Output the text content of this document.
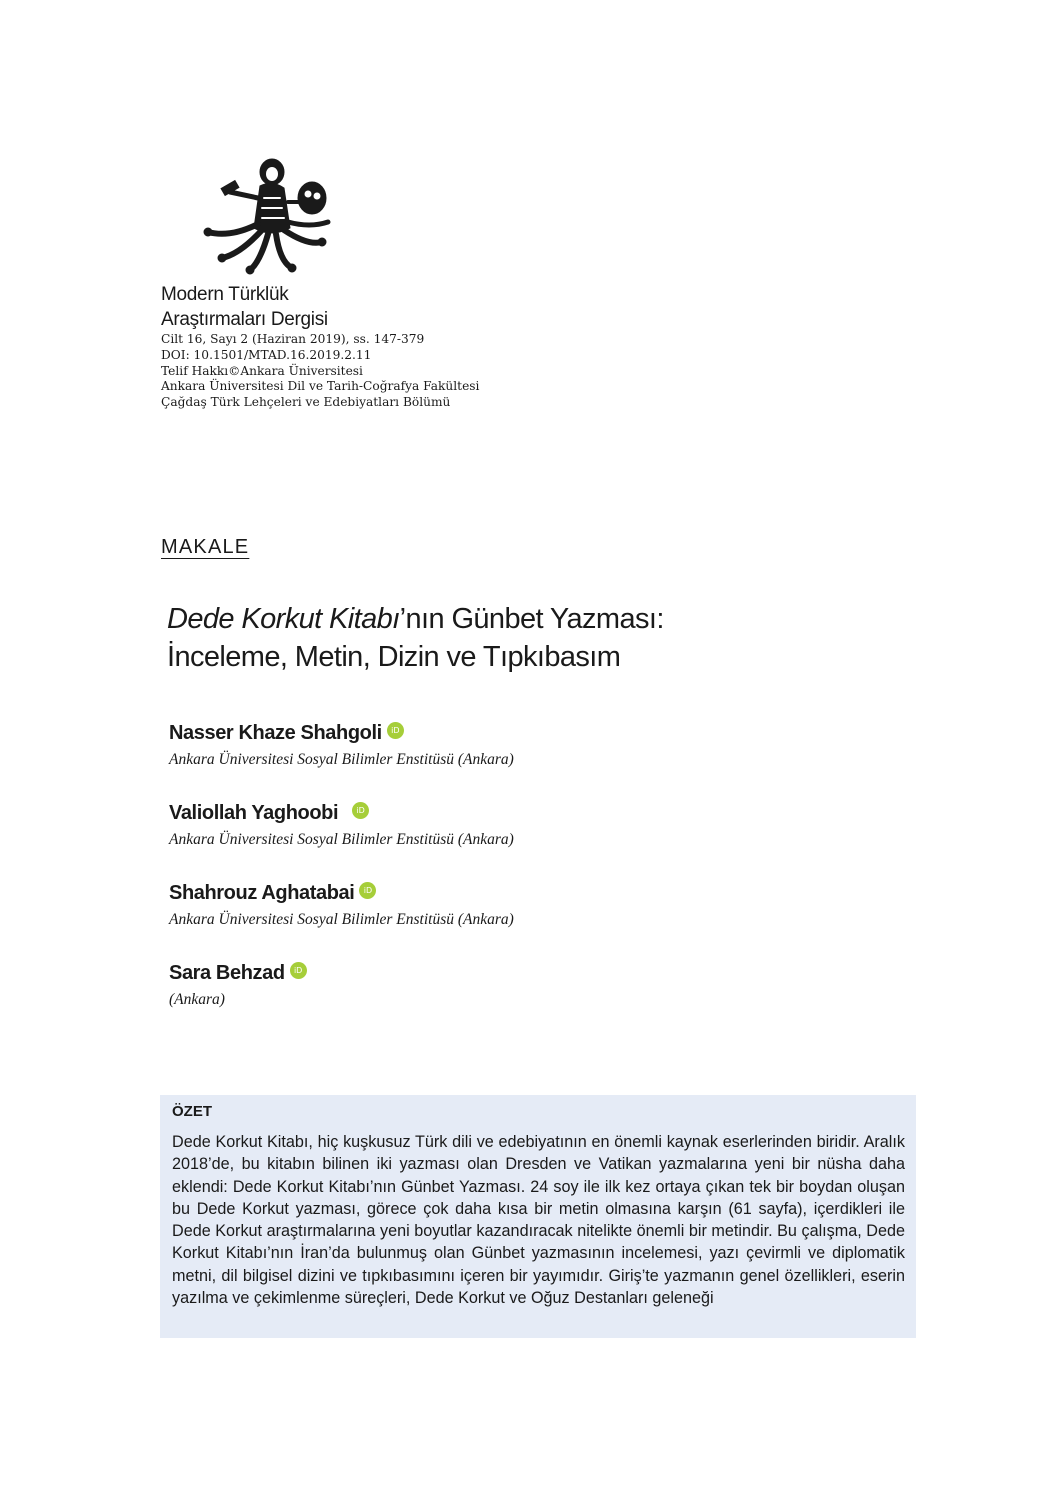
Modern Türklük
Araştırmaları Dergisi
Cilt 16, Sayı 2 (Haziran 2019), ss. 147-379
DOI: 10.1501/MTAD.16.2019.2.11
Telif Hakkı©Ankara Üniversitesi
Ankara Üniversitesi Dil ve Tarih-Coğrafya Fakültesi
Çağdaş Türk Lehçeleri ve Edebiyatları Bölümü
MAKALE
Dede Korkut Kitabı’nın Günbet Yazması:
İnceleme, Metin, Dizin ve Tıpkıbasım
Nasser Khaze Shahgoli iD
Ankara Üniversitesi Sosyal Bilimler Enstitüsü (Ankara)
Valiollah Yaghoobi iD
Ankara Üniversitesi Sosyal Bilimler Enstitüsü (Ankara)
Shahrouz Aghatabai iD
Ankara Üniversitesi Sosyal Bilimler Enstitüsü (Ankara)
Sara Behzad iD
(Ankara)
ÖZET
Dede Korkut Kitabı, hiç kuşkusuz Türk dili ve edebiyatının en önemli kaynak eserlerinden biridir. Aralık 2018’de, bu kitabın bilinen iki yazması olan Dresden ve Vatikan yazmalarına yeni bir nüsha daha eklendi: Dede Korkut Kitabı’nın Günbet Yazması. 24 soy ile ilk kez ortaya çıkan tek bir boydan oluşan bu Dede Korkut yazması, görece çok daha kısa bir metin olmasına karşın (61 sayfa), içerdikleri ile Dede Korkut araştırmalarına yeni boyutlar kazandıracak nitelikte önemli bir metindir. Bu çalışma, Dede Korkut Kitabı’nın İran’da bulunmuş olan Günbet yazmasının incelemesi, yazı çevirmli ve diplomatik metni, dil bilgisel dizini ve tıpkıbasımını içeren bir yayımıdır. Giriş’te yazmanın genel özellikleri, eserin yazılma ve çekimlenme süreçleri, Dede Korkut ve Oğuz Destanları geleneği
